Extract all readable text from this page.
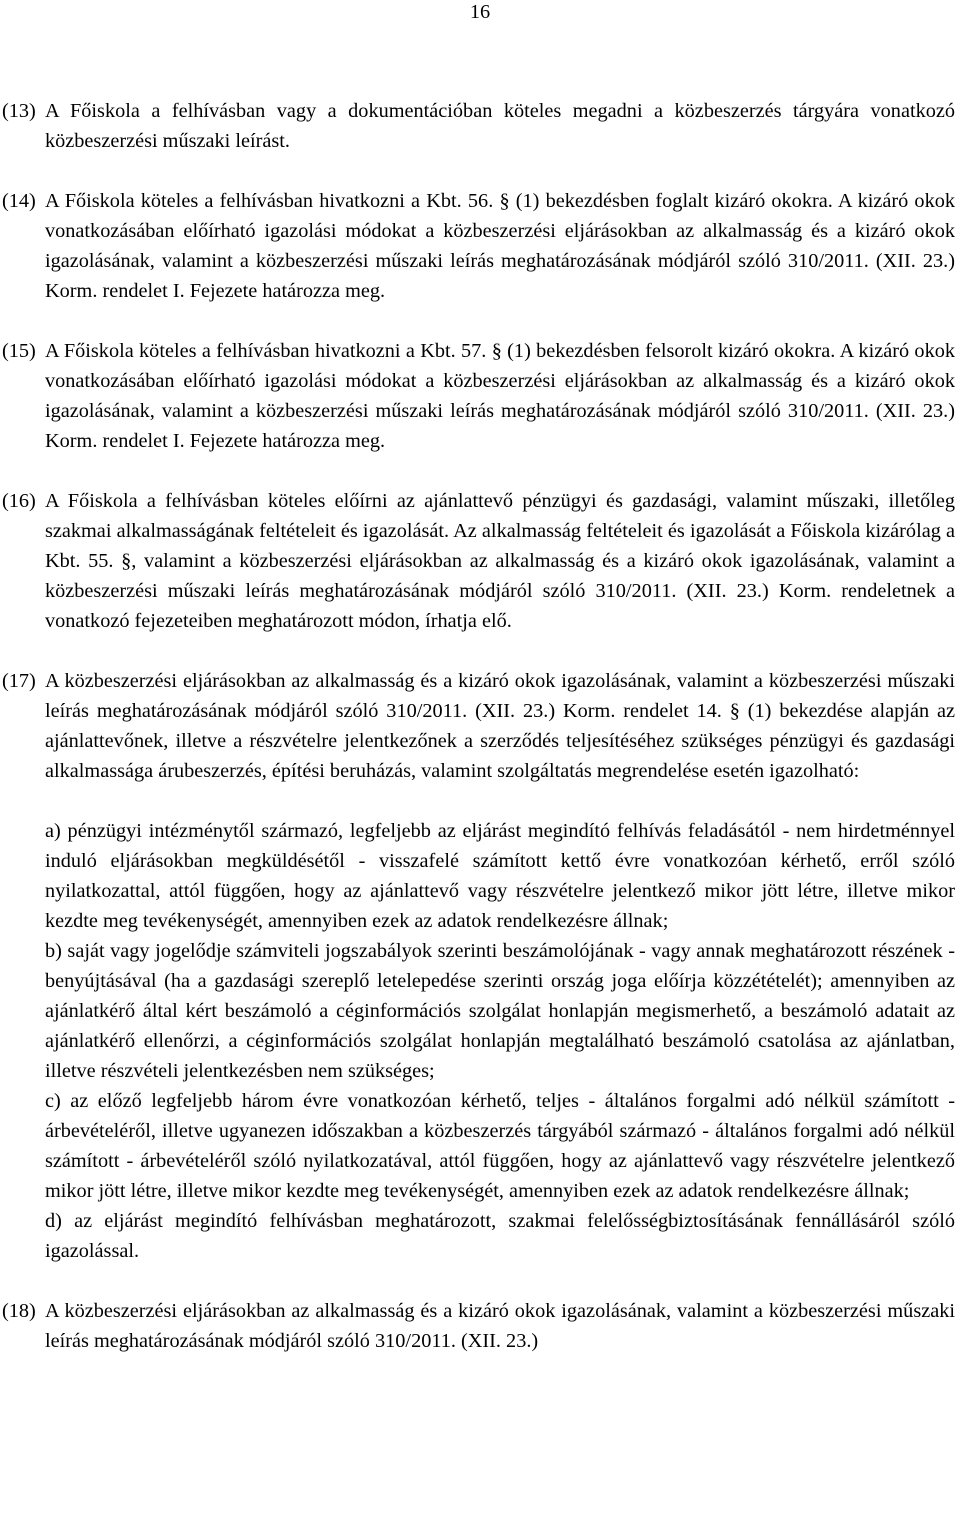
16
(13) A Főiskola a felhívásban vagy a dokumentációban köteles megadni a közbeszerzés tárgyára vonatkozó közbeszerzési műszaki leírást.
(14) A Főiskola köteles a felhívásban hivatkozni a Kbt. 56. § (1) bekezdésben foglalt kizáró okokra. A kizáró okok vonatkozásában előírható igazolási módokat a közbeszerzési eljárásokban az alkalmasság és a kizáró okok igazolásának, valamint a közbeszerzési műszaki leírás meghatározásának módjáról szóló 310/2011. (XII. 23.) Korm. rendelet I. Fejezete határozza meg.
(15) A Főiskola köteles a felhívásban hivatkozni a Kbt. 57. § (1) bekezdésben felsorolt kizáró okokra. A kizáró okok vonatkozásában előírható igazolási módokat a közbeszerzési eljárásokban az alkalmasság és a kizáró okok igazolásának, valamint a közbeszerzési műszaki leírás meghatározásának módjáról szóló 310/2011. (XII. 23.) Korm. rendelet I. Fejezete határozza meg.
(16) A Főiskola a felhívásban köteles előírni az ajánlattevő pénzügyi és gazdasági, valamint műszaki, illetőleg szakmai alkalmasságának feltételeit és igazolását. Az alkalmasság feltételeit és igazolását a Főiskola kizárólag a Kbt. 55. §, valamint a közbeszerzési eljárásokban az alkalmasság és a kizáró okok igazolásának, valamint a közbeszerzési műszaki leírás meghatározásának módjáról szóló 310/2011. (XII. 23.) Korm. rendeletnek a vonatkozó fejezeteiben meghatározott módon, írhatja elő.
(17) A közbeszerzési eljárásokban az alkalmasság és a kizáró okok igazolásának, valamint a közbeszerzési műszaki leírás meghatározásának módjáról szóló 310/2011. (XII. 23.) Korm. rendelet 14. § (1) bekezdése alapján az ajánlattevőnek, illetve a részvételre jelentkezőnek a szerződés teljesítéséhez szükséges pénzügyi és gazdasági alkalmassága árubeszerzés, építési beruházás, valamint szolgáltatás megrendelése esetén igazolható:
a) pénzügyi intézménytől származó, legfeljebb az eljárást megindító felhívás feladásától - nem hirdetménnyel induló eljárásokban megküldésétől - visszafelé számított kettő évre vonatkozóan kérhető, erről szóló nyilatkozattal, attól függően, hogy az ajánlattevő vagy részvételre jelentkező mikor jött létre, illetve mikor kezdte meg tevékenységét, amennyiben ezek az adatok rendelkezésre állnak;
b) saját vagy jogelődje számviteli jogszabályok szerinti beszámolójának - vagy annak meghatározott részének - benyújtásával (ha a gazdasági szereplő letelepedése szerinti ország joga előírja közzétételét); amennyiben az ajánlatkérő által kért beszámoló a céginformációs szolgálat honlapján megismerhető, a beszámoló adatait az ajánlatkérő ellenőrzi, a céginformációs szolgálat honlapján megtalálható beszámoló csatolása az ajánlatban, illetve részvételi jelentkezésben nem szükséges;
c) az előző legfeljebb három évre vonatkozóan kérhető, teljes - általános forgalmi adó nélkül számított - árbevételéről, illetve ugyanezen időszakban a közbeszerzés tárgyából származó - általános forgalmi adó nélkül számított - árbevételéről szóló nyilatkozatával, attól függően, hogy az ajánlattevő vagy részvételre jelentkező mikor jött létre, illetve mikor kezdte meg tevékenységét, amennyiben ezek az adatok rendelkezésre állnak;
d) az eljárást megindító felhívásban meghatározott, szakmai felelősségbiztosításának fennállásáról szóló igazolással.
(18) A közbeszerzési eljárásokban az alkalmasság és a kizáró okok igazolásának, valamint a közbeszerzési műszaki leírás meghatározásának módjáról szóló 310/2011. (XII. 23.)
